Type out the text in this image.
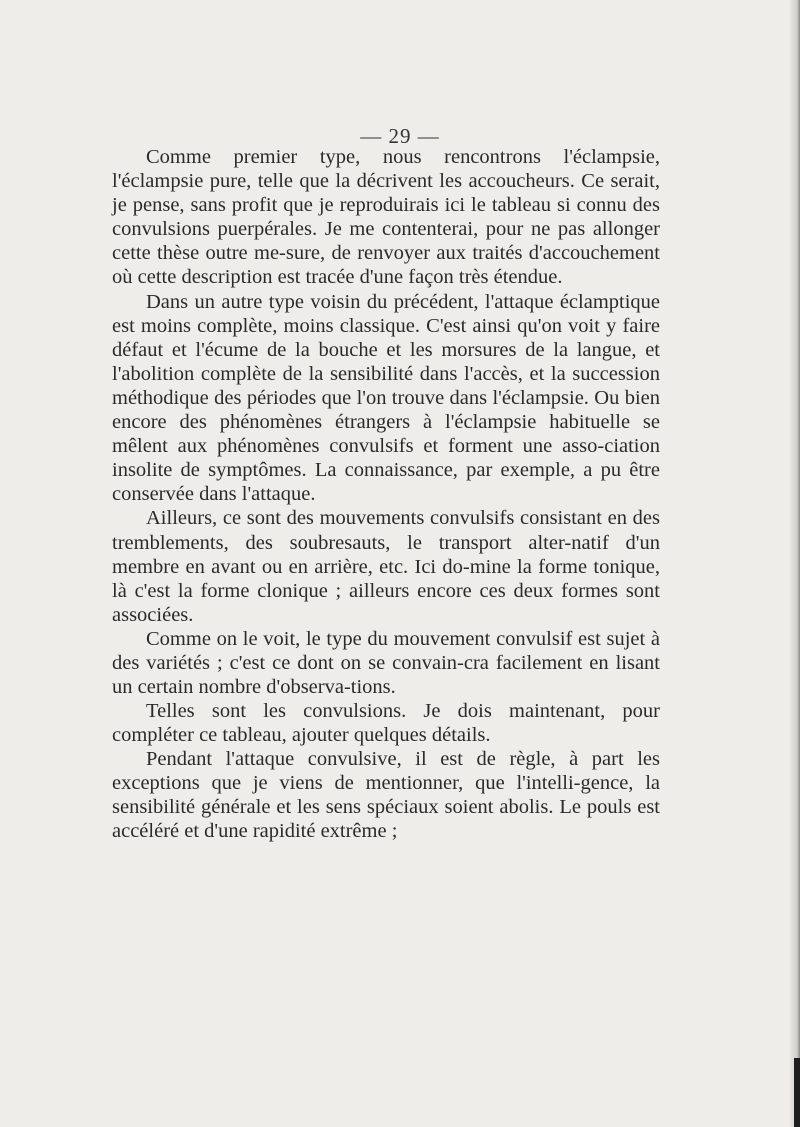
— 29 —

Comme premier type, nous rencontrons l'éclampsie, l'éclampsie pure, telle que la décrivent les accoucheurs. Ce serait, je pense, sans profit que je reproduirais ici le tableau si connu des convulsions puerpérales. Je me contenterai, pour ne pas allonger cette thèse outre me-sure, de renvoyer aux traités d'accouchement où cette description est tracée d'une façon très étendue.

Dans un autre type voisin du précédent, l'attaque éclamptique est moins complète, moins classique. C'est ainsi qu'on voit y faire défaut et l'écume de la bouche et les morsures de la langue, et l'abolition complète de la sensibilité dans l'accès, et la succession méthodique des périodes que l'on trouve dans l'éclampsie. Ou bien encore des phénomènes étrangers à l'éclampsie habituelle se mêlent aux phénomènes convulsifs et forment une asso-ciation insolite de symptômes. La connaissance, par exemple, a pu être conservée dans l'attaque.

Ailleurs, ce sont des mouvements convulsifs consistant en des tremblements, des soubresauts, le transport alter-natif d'un membre en avant ou en arrière, etc. Ici do-mine la forme tonique, là c'est la forme clonique ; ailleurs encore ces deux formes sont associées.

Comme on le voit, le type du mouvement convulsif est sujet à des variétés ; c'est ce dont on se convain-cra facilement en lisant un certain nombre d'observa-tions.

Telles sont les convulsions. Je dois maintenant, pour compléter ce tableau, ajouter quelques détails.

Pendant l'attaque convulsive, il est de règle, à part les exceptions que je viens de mentionner, que l'intelli-gence, la sensibilité générale et les sens spéciaux soient abolis. Le pouls est accéléré et d'une rapidité extrême ;
